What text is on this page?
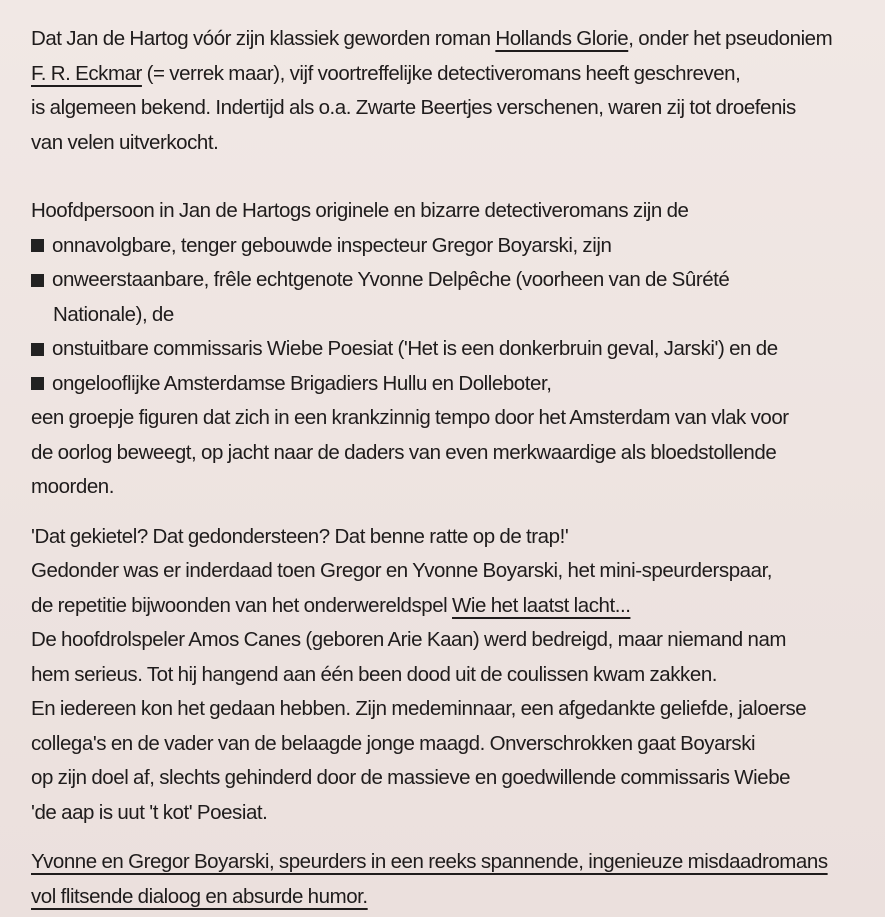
Dat Jan de Hartog vóór zijn klassiek geworden roman Hollands Glorie, onder het pseudoniem
F. R. Eckmar (= verrek maar), vijf voortreffelijke detectiveromans heeft geschreven,
is algemeen bekend. Indertijd als o.a. Zwarte Beertjes verschenen, waren zij tot droefenis
van velen uitverkocht.
Hoofdpersoon in Jan de Hartogs originele en bizarre detectiveromans zijn de
onnavolgbare, tenger gebouwde inspecteur Gregor Boyarski, zijn
onweerstaanbare, frêle echtgenote Yvonne Delpêche (voorheen van de Sûrété
Nationale), de
onstuitbare commissaris Wiebe Poesiat ('Het is een donkerbruin geval, Jarski') en de
ongelooflijke Amsterdamse Brigadiers Hullu en Dolleboter,
een groepje figuren dat zich in een krankzinnig tempo door het Amsterdam van vlak voor
de oorlog beweegt, op jacht naar de daders van even merkwaardige als bloedstollende
moorden.
'Dat gekietel? Dat gedondersteen? Dat benne ratte op de trap!'
Gedonder was er inderdaad toen Gregor en Yvonne Boyarski, het mini-speurderspaar,
de repetitie bijwoonden van het onderwereldspel Wie het laatst lacht...
De hoofdrolspeler Amos Canes (geboren Arie Kaan) werd bedreigd, maar niemand nam
hem serieus. Tot hij hangend aan één been dood uit de coulissen kwam zakken.
En iedereen kon het gedaan hebben. Zijn medeminnaar, een afgedankte geliefde, jaloerse
collega's en de vader van de belaagde jonge maagd. Onverschrokken gaat Boyarski
op zijn doel af, slechts gehinderd door de massieve en goedwillende commissaris Wiebe
'de aap is uut 't kot' Poesiat.
Yvonne en Gregor Boyarski, speurders in een reeks spannende, ingenieuze misdaadromans
vol flitsende dialoog en absurde humor.
